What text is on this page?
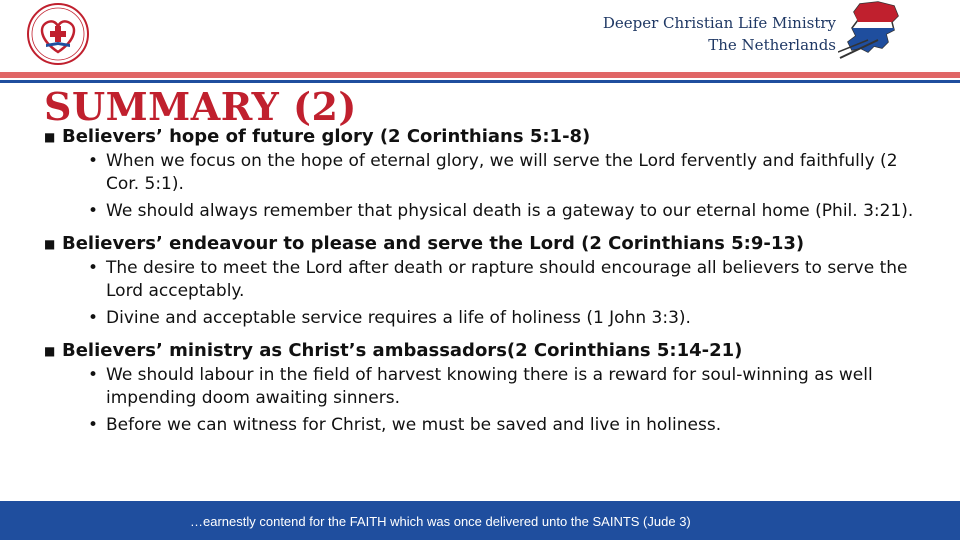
Deeper Christian Life Ministry
The Netherlands
SUMMARY (2)
■ Believers’ hope of future glory (2 Corinthians 5:1-8)
• When we focus on the hope of eternal glory, we will serve the Lord fervently and faithfully (2 Cor. 5:1).
• We should always remember that physical death is a gateway to our eternal home (Phil. 3:21).
■ Believers’ endeavour to please and serve the Lord (2 Corinthians 5:9-13)
• The desire to meet the Lord after death or rapture should encourage all believers to serve the Lord acceptably.
• Divine and acceptable service requires a life of holiness (1 John 3:3).
■ Believers’ ministry as Christ’s ambassadors(2 Corinthians 5:14-21)
• We should labour in the field of harvest knowing there is a reward for soul-winning as well impending doom awaiting sinners.
• Before we can witness for Christ, we must be saved and live in holiness.
…earnestly contend for the FAITH which was once delivered unto the SAINTS (Jude 3)
